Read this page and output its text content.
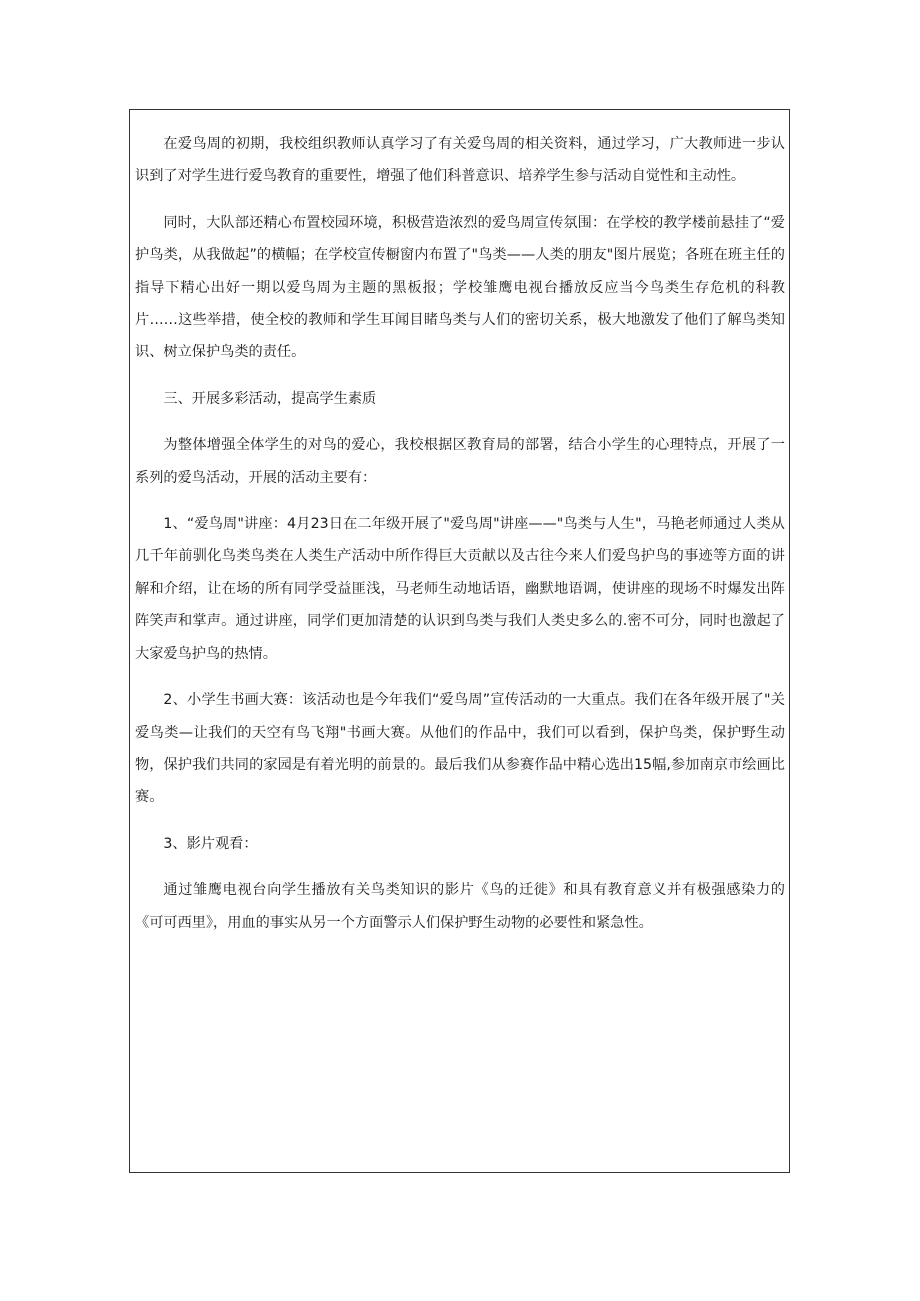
在爱鸟周的初期，我校组织教师认真学习了有关爱鸟周的相关资料，通过学习，广大教师进一步认识到了对学生进行爱鸟教育的重要性，增强了他们科普意识、培养学生参与活动自觉性和主动性。

同时，大队部还精心布置校园环境，积极营造浓烈的爱鸟周宣传氛围：在学校的教学楼前悬挂了“爱护鸟类，从我做起”的横幅；在学校宣传橱窗内布置了"鸟类——人类的朋友"图片展览；各班在班主任的指导下精心出好一期以爱鸟周为主题的黑板报；学校雏鹰电视台播放反应当今鸟类生存危机的科教片……这些举措，使全校的教师和学生耳闻目睹鸟类与人们的密切关系，极大地激发了他们了解鸟类知识、树立保护鸟类的责任。

三、开展多彩活动，提高学生素质

为整体增强全体学生的对鸟的爱心，我校根据区教育局的部署，结合小学生的心理特点，开展了一系列的爱鸟活动，开展的活动主要有：

1、“爱鸟周"讲座：4月23日在二年级开展了"爱鸟周"讲座——"鸟类与人生"，马艳老师通过人类从几千年前驯化鸟类鸟类在人类生产活动中所作得巨大贡献以及古往今来人们爱鸟护鸟的事迹等方面的讲解和介绍，让在场的所有同学受益匪浅，马老师生动地话语，幽默地语调，使讲座的现场不时爆发出阵阵笑声和掌声。通过讲座，同学们更加清楚的认识到鸟类与我们人类史多么的.密不可分，同时也激起了大家爱鸟护鸟的热情。

2、小学生书画大赛：该活动也是今年我们“爱鸟周”宣传活动的一大重点。我们在各年级开展了"关爱鸟类—让我们的天空有鸟飞翔"书画大赛。从他们的作品中，我们可以看到，保护鸟类，保护野生动物，保护我们共同的家园是有着光明的前景的。最后我们从参赛作品中精心选出15幅,参加南京市绘画比赛。

3、影片观看：

通过雏鹰电视台向学生播放有关鸟类知识的影片《鸟的迁徙》和具有教育意义并有极强感染力的《可可西里》，用血的事实从另一个方面警示人们保护野生动物的必要性和紧急性。
